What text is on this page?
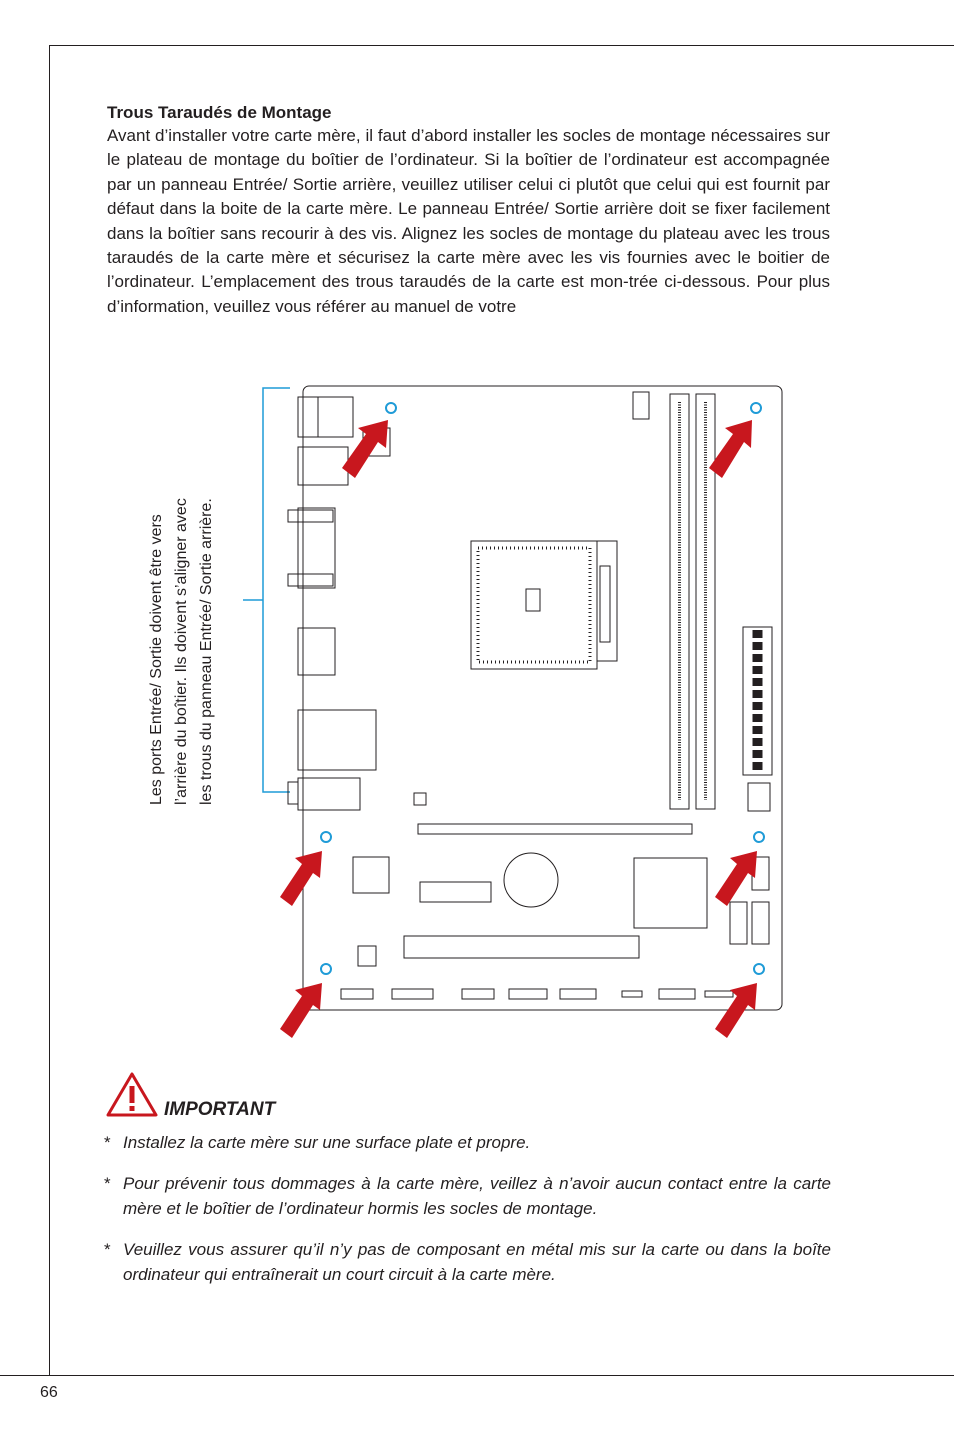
Trous Taraudés de Montage

Avant d’installer votre carte mère, il faut d’abord installer les socles de montage nécessaires sur le plateau de montage du boîtier de l’ordinateur. Si la boîtier de l’ordinateur est accompagnée par un panneau Entrée/ Sortie arrière, veuillez utiliser celui ci plutôt que celui qui est fournit par défaut dans la boite de la carte mère. Le panneau Entrée/ Sortie arrière doit se fixer facilement dans la boîtier sans recourir à des vis. Alignez les socles de montage du plateau avec les trous taraudés de la carte mère et sécurisez la carte mère avec les vis fournies avec le boitier de l’ordinateur. L’emplacement des trous taraudés de la carte est mon-trée ci-dessous. Pour plus d’information, veuillez vous référer au manuel de votre

Les ports Entrée/ Sortie doivent être vers l’arrière du boîtier. Ils doivent s’aligner avec les trous du panneau Entrée/ Sortie arrière.

IMPORTANT

* Installez la carte mère sur une surface plate et propre.
* Pour prévenir tous dommages à la carte mère, veillez à n’avoir aucun contact entre la carte mère et le boîtier de l’ordinateur hormis les socles de montage.
* Veuillez vous assurer qu’il n’y pas de composant en métal mis sur la carte ou dans la boîte ordinateur qui entraînerait un court circuit à la carte mère.

66
